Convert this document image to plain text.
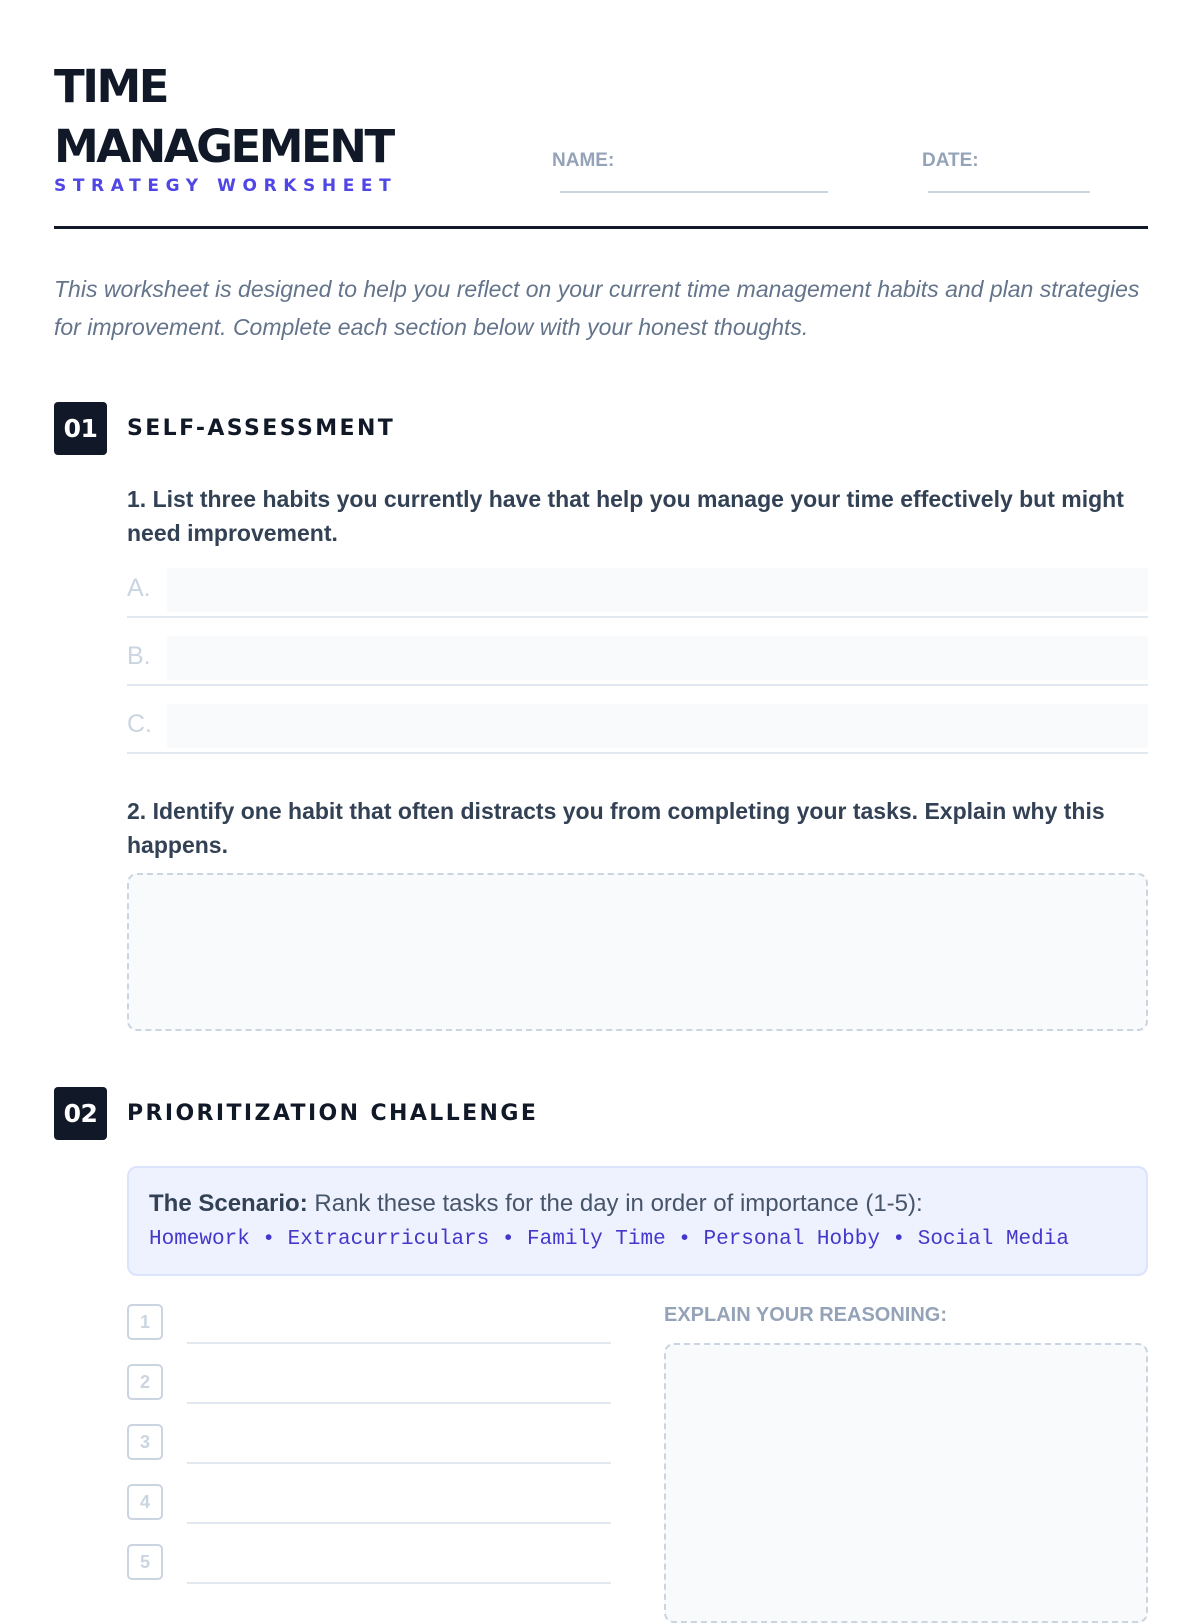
TIME
MANAGEMENT
STRATEGY WORKSHEET
NAME:	DATE:
This worksheet is designed to help you reflect on your current time management habits and plan strategies for improvement. Complete each section below with your honest thoughts.
01	SELF-ASSESSMENT
1. List three habits you currently have that help you manage your time effectively but might need improvement.
A.
B.
C.
2. Identify one habit that often distracts you from completing your tasks. Explain why this happens.
02	PRIORITIZATION CHALLENGE
The Scenario: Rank these tasks for the day in order of importance (1-5):
Homework • Extracurriculars • Family Time • Personal Hobby • Social Media
1
2
3
4
5
EXPLAIN YOUR REASONING:
